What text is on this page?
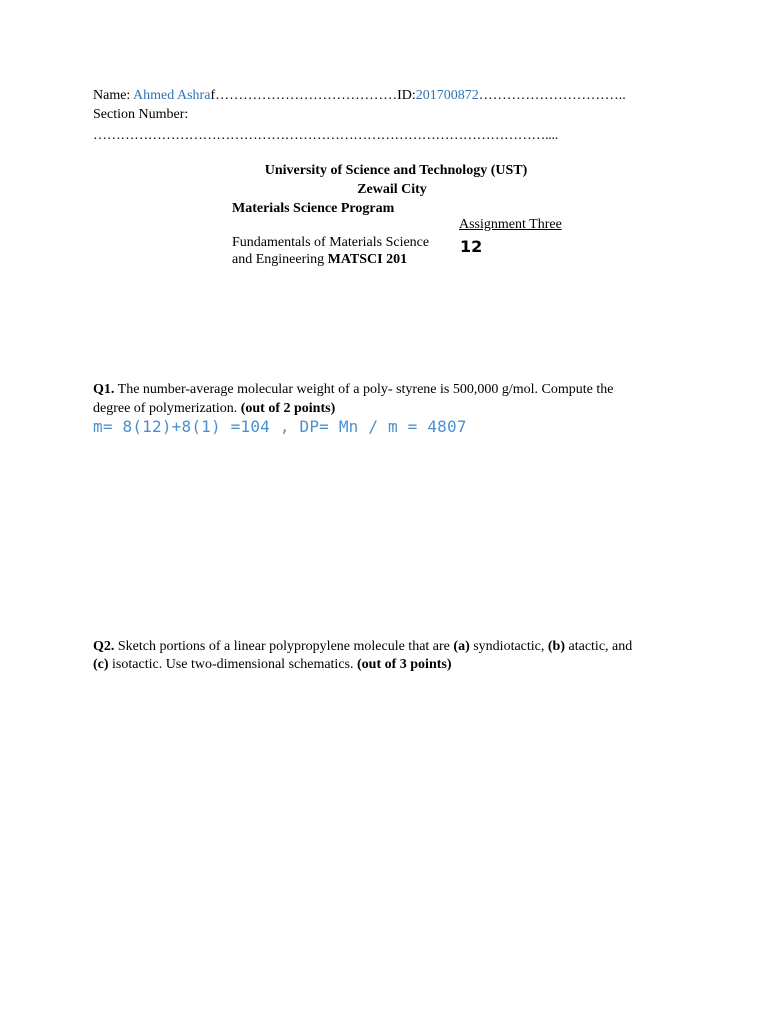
Name: Ahmed Ashraf…………………………………ID:201700872…………………………..
Section Number:
………………………………………………………………………………………....
University of Science and Technology (UST)
Zewail City
Materials Science Program
Assignment Three
Fundamentals of Materials Science
and Engineering MATSCI 201
12
Q1. The number-average molecular weight of a poly- styrene is 500,000 g/mol. Compute the
degree of polymerization. (out of 2 points)
m= 8(12)+8(1) =104 , DP= Mn / m = 4807
Q2. Sketch portions of a linear polypropylene molecule that are (a) syndiotactic, (b) atactic, and
(c) isotactic. Use two-dimensional schematics. (out of 3 points)
